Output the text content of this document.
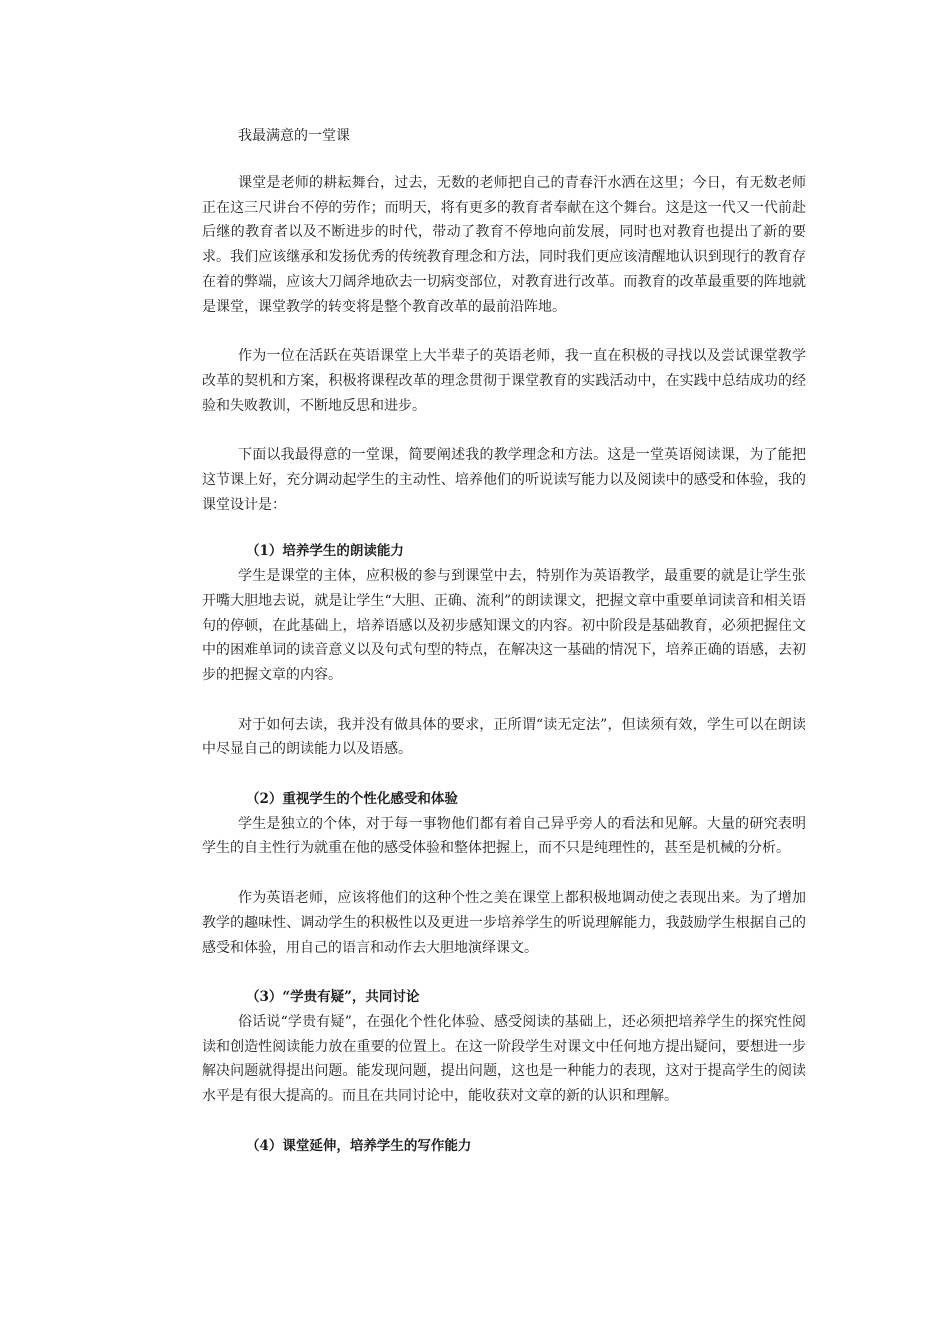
我最满意的一堂课

课堂是老师的耕耘舞台，过去，无数的老师把自己的青春汗水洒在这里；今日，有无数老师正在这三尺讲台不停的劳作；而明天，将有更多的教育者奉献在这个舞台。这是这一代又一代前赴后继的教育者以及不断进步的时代，带动了教育不停地向前发展，同时也对教育也提出了新的要求。我们应该继承和发扬优秀的传统教育理念和方法，同时我们更应该清醒地认识到现行的教育存在着的弊端，应该大刀阔斧地砍去一切病变部位，对教育进行改革。而教育的改革最重要的阵地就是课堂，课堂教学的转变将是整个教育改革的最前沿阵地。

作为一位在活跃在英语课堂上大半辈子的英语老师，我一直在积极的寻找以及尝试课堂教学改革的契机和方案，积极将课程改革的理念贯彻于课堂教育的实践活动中，在实践中总结成功的经验和失败教训，不断地反思和进步。

下面以我最得意的一堂课，简要阐述我的教学理念和方法。这是一堂英语阅读课，为了能把这节课上好，充分调动起学生的主动性、培养他们的听说读写能力以及阅读中的感受和体验，我的课堂设计是：

（1）培养学生的朗读能力

学生是课堂的主体，应积极的参与到课堂中去，特别作为英语教学，最重要的就是让学生张开嘴大胆地去说，就是让学生“大胆、正确、流利”的朗读课文，把握文章中重要单词读音和相关语句的停顿，在此基础上，培养语感以及初步感知课文的内容。初中阶段是基础教育，必须把握住文中的困难单词的读音意义以及句式句型的特点，在解决这一基础的情况下，培养正确的语感，去初步的把握文章的内容。

对于如何去读，我并没有做具体的要求，正所谓“读无定法”，但读须有效，学生可以在朗读中尽显自己的朗读能力以及语感。

（2）重视学生的个性化感受和体验

学生是独立的个体，对于每一事物他们都有着自己异乎旁人的看法和见解。大量的研究表明学生的自主性行为就重在他的感受体验和整体把握上，而不只是纯理性的，甚至是机械的分析。

作为英语老师，应该将他们的这种个性之美在课堂上都积极地调动使之表现出来。为了增加教学的趣味性、调动学生的积极性以及更进一步培养学生的听说理解能力，我鼓励学生根据自己的感受和体验，用自己的语言和动作去大胆地演绎课文。

（3）“学贵有疑”，共同讨论

俗话说“学贵有疑”，在强化个性化体验、感受阅读的基础上，还必须把培养学生的探究性阅读和创造性阅读能力放在重要的位置上。在这一阶段学生对课文中任何地方提出疑问，要想进一步解决问题就得提出问题。能发现问题，提出问题，这也是一种能力的表现，这对于提高学生的阅读水平是有很大提高的。而且在共同讨论中，能收获对文章的新的认识和理解。

（4）课堂延伸，培养学生的写作能力
